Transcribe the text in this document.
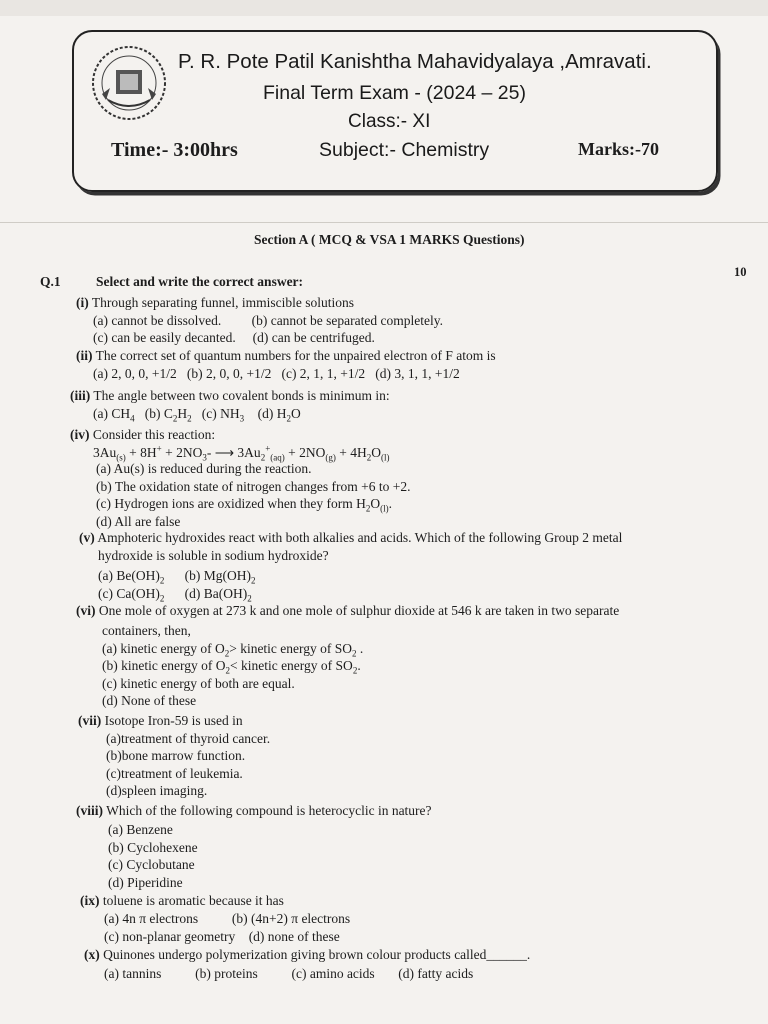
P. R. Pote Patil Kanishtha Mahavidyalaya ,Amravati.
Final Term Exam - (2024 – 25)
Class:- XI
Time:- 3:00hrs	Subject:- Chemistry	Marks:-70
Section A ( MCQ & VSA 1 MARKS Questions)
Q.1	Select and write the correct answer:
10
(i) Through separating funnel, immiscible solutions
(a) cannot be dissolved.         (b) cannot be separated completely.
(c) can be easily decanted.     (d) can be centrifuged.
(ii) The correct set of quantum numbers for the unpaired electron of F atom is
(a) 2, 0, 0, +1/2   (b) 2, 0, 0, +1/2   (c) 2, 1, 1, +1/2   (d) 3, 1, 1, +1/2
(iii) The angle between two covalent bonds is minimum in:
(a) $CH_4$   (b) $C_2H_2$   (c) $NH_3$    (d) $H_2O$
(iv) Consider this reaction:
$3Au_{(s)} + 8H^+ + 2NO_3-$ ⟶ $3Au_2^+_{(aq)} + 2NO_{(g)} + 4H_2O_{(l)}$
(a) Au(s) is reduced during the reaction.
(b) The oxidation state of nitrogen changes from +6 to +2.
(c) Hydrogen ions are oxidized when they form $H_2O_{(l)}$.
(d) All are false
(v) Amphoteric hydroxides react with both alkalies and acids. Which of the following Group 2 metal
hydroxide is soluble in sodium hydroxide?
(a) $Be(OH)_2$      (b) $Mg(OH)_2$
(c) $Ca(OH)_2$      (d) $Ba(OH)_2$
(vi) One mole of oxygen at 273 k and one mole of sulphur dioxide at 546 k are taken in two separate
containers, then,
(a) kinetic energy of $O_2>$ kinetic energy of $SO_2$ .
(b) kinetic energy of $O_2<$ kinetic energy of $SO_2$.
(c) kinetic energy of both are equal.
(d) None of these
(vii) Isotope Iron-59 is used in
(a)treatment of thyroid cancer.
(b)bone marrow function.
(c)treatment of leukemia.
(d)spleen imaging.
(viii) Which of the following compound is heterocyclic in nature?
(a) Benzene
(b) Cyclohexene
(c) Cyclobutane
(d) Piperidine
(ix) toluene is aromatic because it has
(a) 4n π electrons          (b) (4n+2) π electrons
(c) non-planar geometry    (d) none of these
(x) Quinones undergo polymerization giving brown colour products called______.
(a) tannins          (b) proteins          (c) amino acids       (d) fatty acids
